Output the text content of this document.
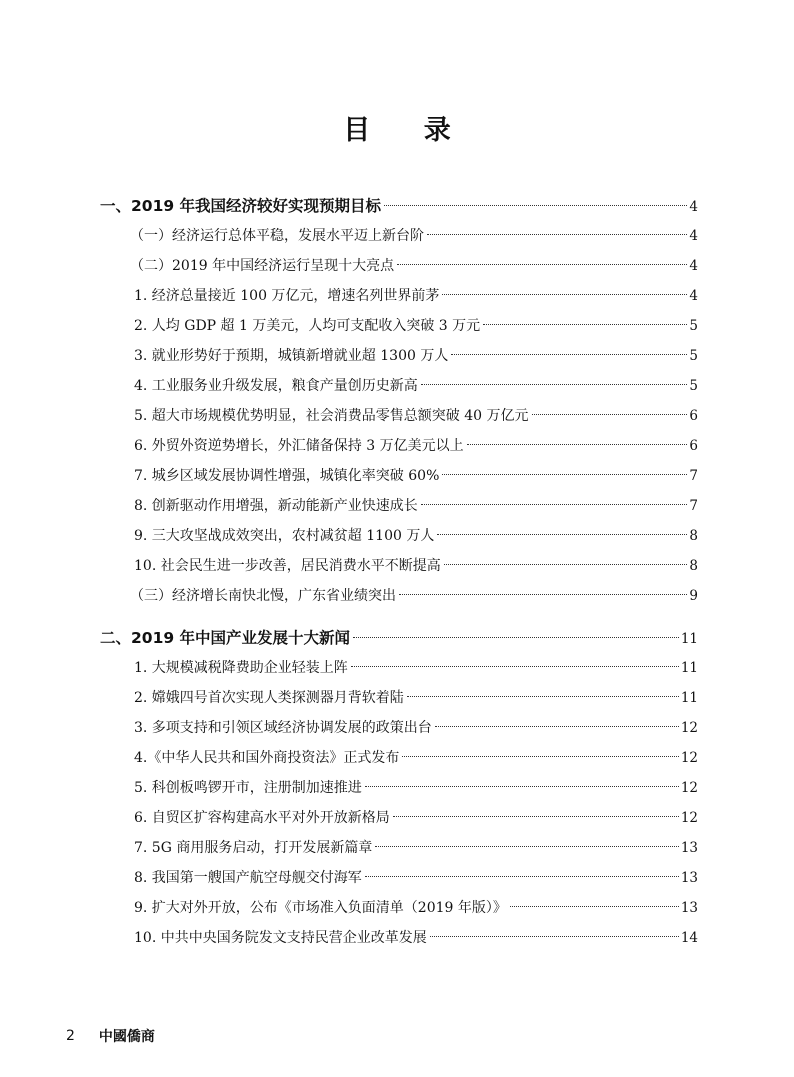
目 录
一、2019 年我国经济较好实现预期目标	4
（一）经济运行总体平稳，发展水平迈上新台阶	4
（二）2019 年中国经济运行呈现十大亮点	4
1. 经济总量接近 100 万亿元，增速名列世界前茅	4
2. 人均 GDP 超 1 万美元，人均可支配收入突破 3 万元	5
3. 就业形势好于预期，城镇新增就业超 1300 万人	5
4. 工业服务业升级发展，粮食产量创历史新高	5
5. 超大市场规模优势明显，社会消费品零售总额突破 40 万亿元	6
6. 外贸外资逆势增长，外汇储备保持 3 万亿美元以上	6
7. 城乡区域发展协调性增强，城镇化率突破 60%	7
8. 创新驱动作用增强，新动能新产业快速成长	7
9. 三大攻坚战成效突出，农村减贫超 1100 万人	8
10. 社会民生进一步改善，居民消费水平不断提高	8
（三）经济增长南快北慢，广东省业绩突出	9
二、2019 年中国产业发展十大新闻	11
1. 大规模减税降费助企业轻装上阵	11
2. 嫦娥四号首次实现人类探测器月背软着陆	11
3. 多项支持和引领区域经济协调发展的政策出台	12
4.《中华人民共和国外商投资法》正式发布	12
5. 科创板鸣锣开市，注册制加速推进	12
6. 自贸区扩容构建高水平对外开放新格局	12
7. 5G 商用服务启动，打开发展新篇章	13
8. 我国第一艘国产航空母舰交付海军	13
9. 扩大对外开放，公布《市场准入负面清单（2019 年版）》	13
10. 中共中央国务院发文支持民营企业改革发展	14
2 中國僑商
